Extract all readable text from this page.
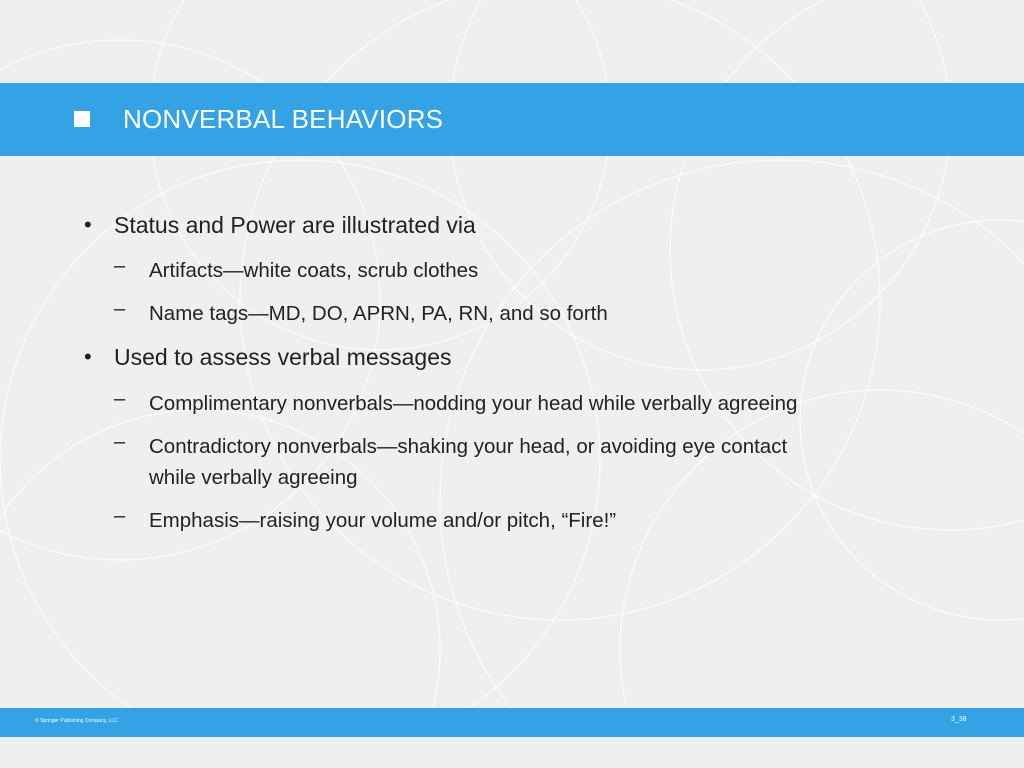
NONVERBAL BEHAVIORS
• Status and Power are illustrated via
– Artifacts—white coats, scrub clothes
– Name tags—MD, DO, APRN, PA, RN, and so forth
• Used to assess verbal messages
– Complimentary nonverbals—nodding your head while verbally agreeing
– Contradictory nonverbals—shaking your head, or avoiding eye contact
while verbally agreeing
– Emphasis—raising your volume and/or pitch, “Fire!”
© Springer Publishing Company, LLC	3_38
